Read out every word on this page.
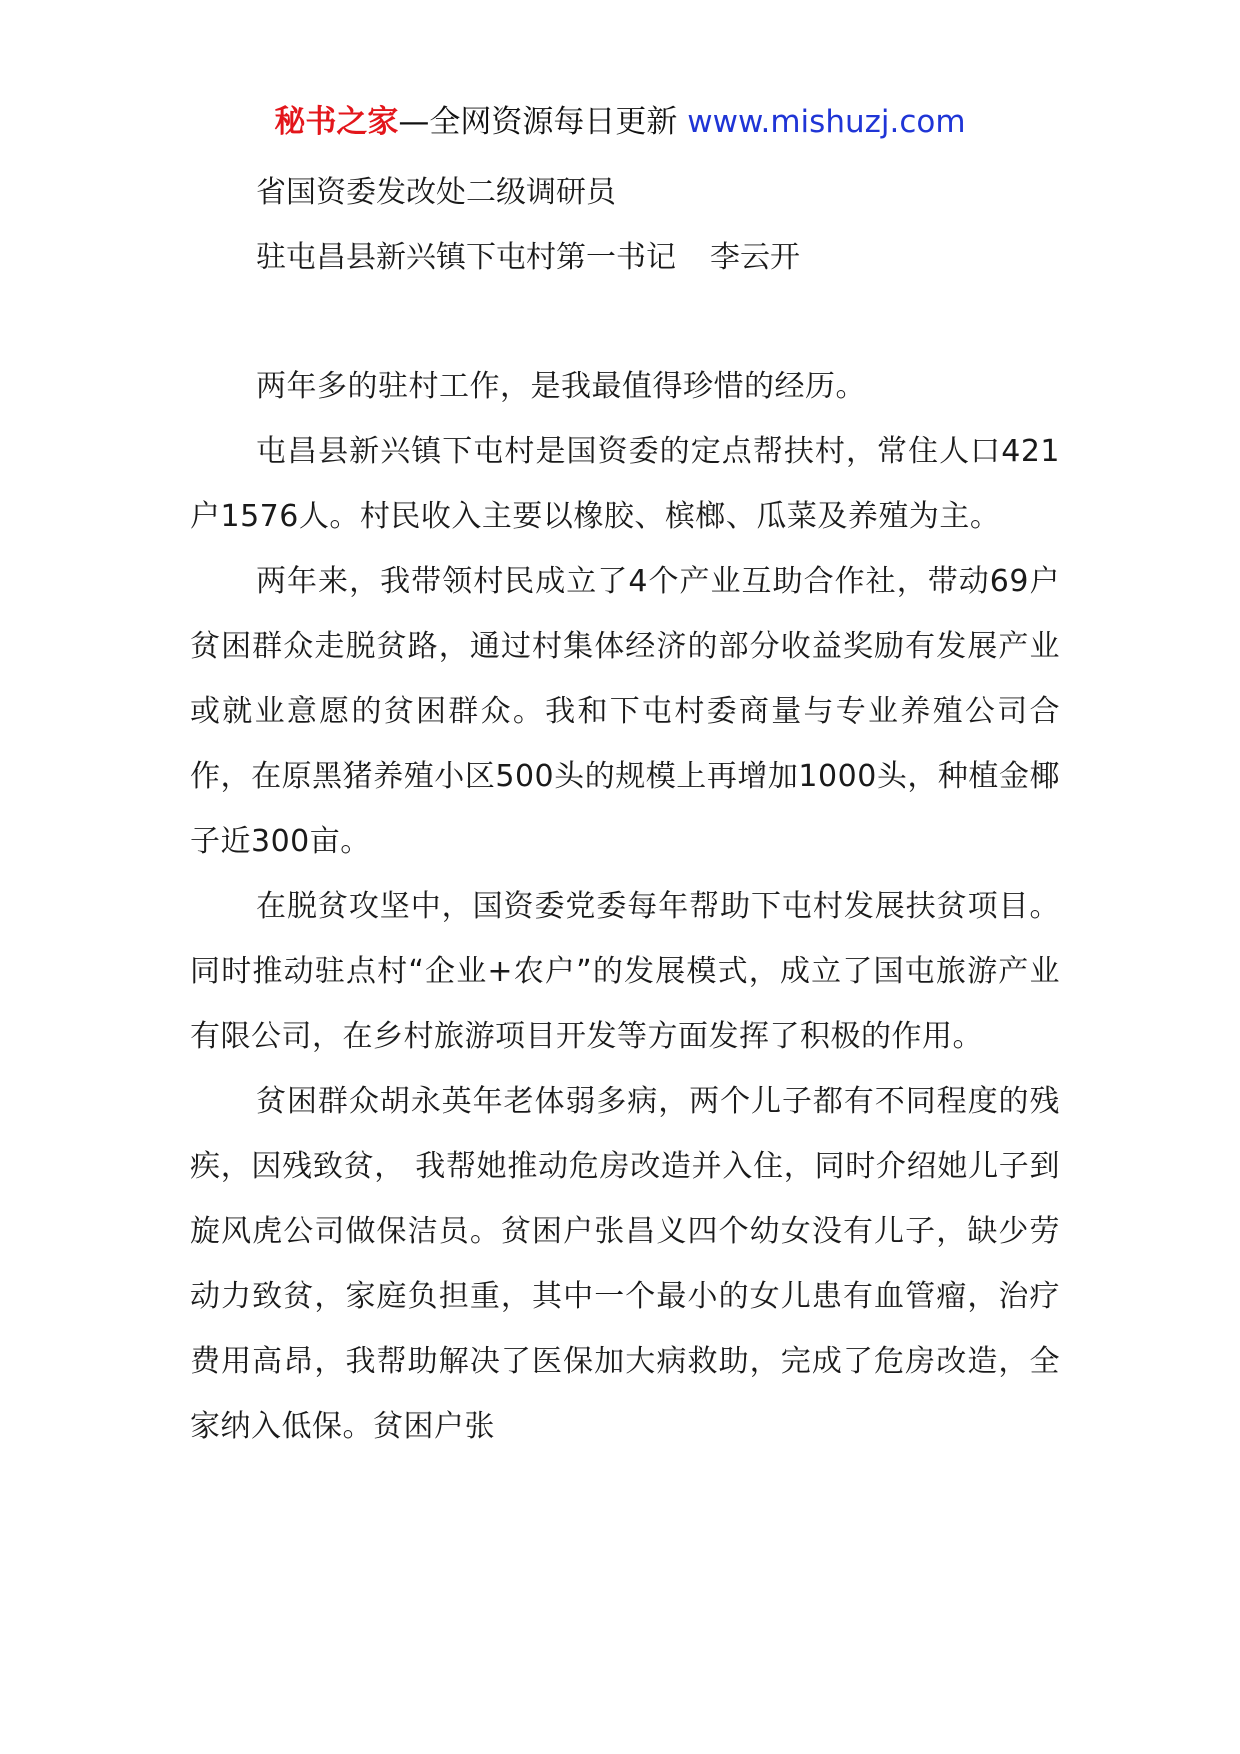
秘书之家—全网资源每日更新 www.mishuzj.com

省国资委发改处二级调研员

驻屯昌县新兴镇下屯村第一书记 李云开

两年多的驻村工作，是我最值得珍惜的经历。

屯昌县新兴镇下屯村是国资委的定点帮扶村，常住人口421户1576人。村民收入主要以橡胶、槟榔、瓜菜及养殖为主。

两年来，我带领村民成立了4个产业互助合作社，带动69户贫困群众走脱贫路，通过村集体经济的部分收益奖励有发展产业或就业意愿的贫困群众。我和下屯村委商量与专业养殖公司合作，在原黑猪养殖小区500头的规模上再增加1000头，种植金椰子近300亩。

在脱贫攻坚中，国资委党委每年帮助下屯村发展扶贫项目。同时推动驻点村“企业+农户”的发展模式，成立了国屯旅游产业有限公司，在乡村旅游项目开发等方面发挥了积极的作用。

贫困群众胡永英年老体弱多病，两个儿子都有不同程度的残疾，因残致贫， 我帮她推动危房改造并入住，同时介绍她儿子到旋风虎公司做保洁员。贫困户张昌义四个幼女没有儿子，缺少劳动力致贫，家庭负担重，其中一个最小的女儿患有血管瘤，治疗费用高昂，我帮助解决了医保加大病救助，完成了危房改造，全家纳入低保。贫困户张
